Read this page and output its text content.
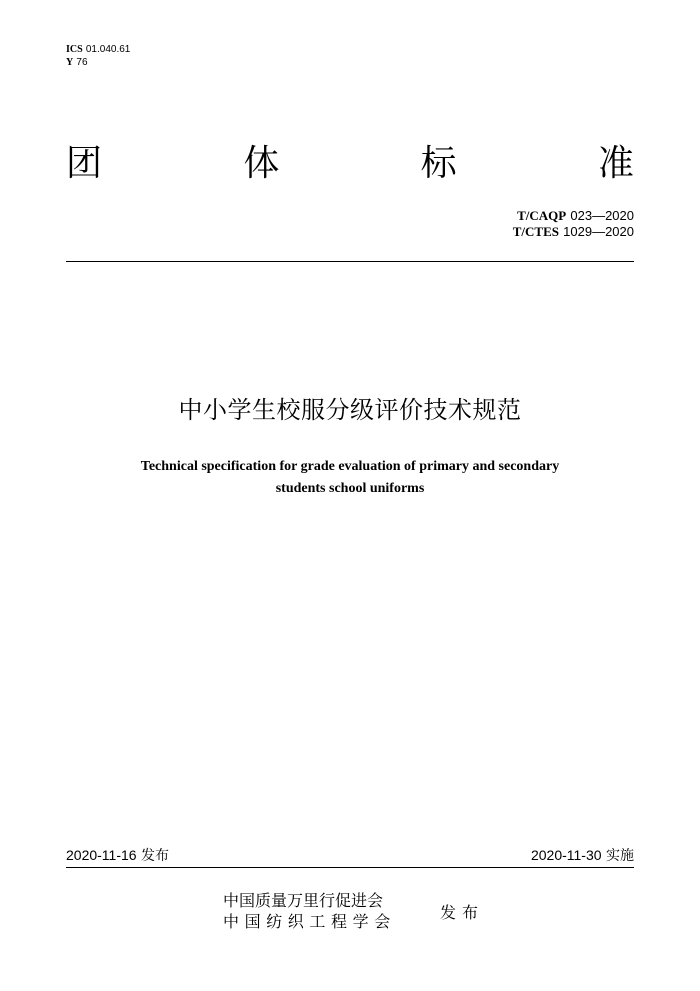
ICS 01.040.61
Y 76
团	体	标	准
T/CAQP 023—2020
T/CTES 1029—2020
中小学生校服分级评价技术规范
Technical specification for grade evaluation of primary and secondary
students school uniforms
2020-11-16 发布	2020-11-30 实施
中国质量万里行促进会
中国纺织工程学会	发布
